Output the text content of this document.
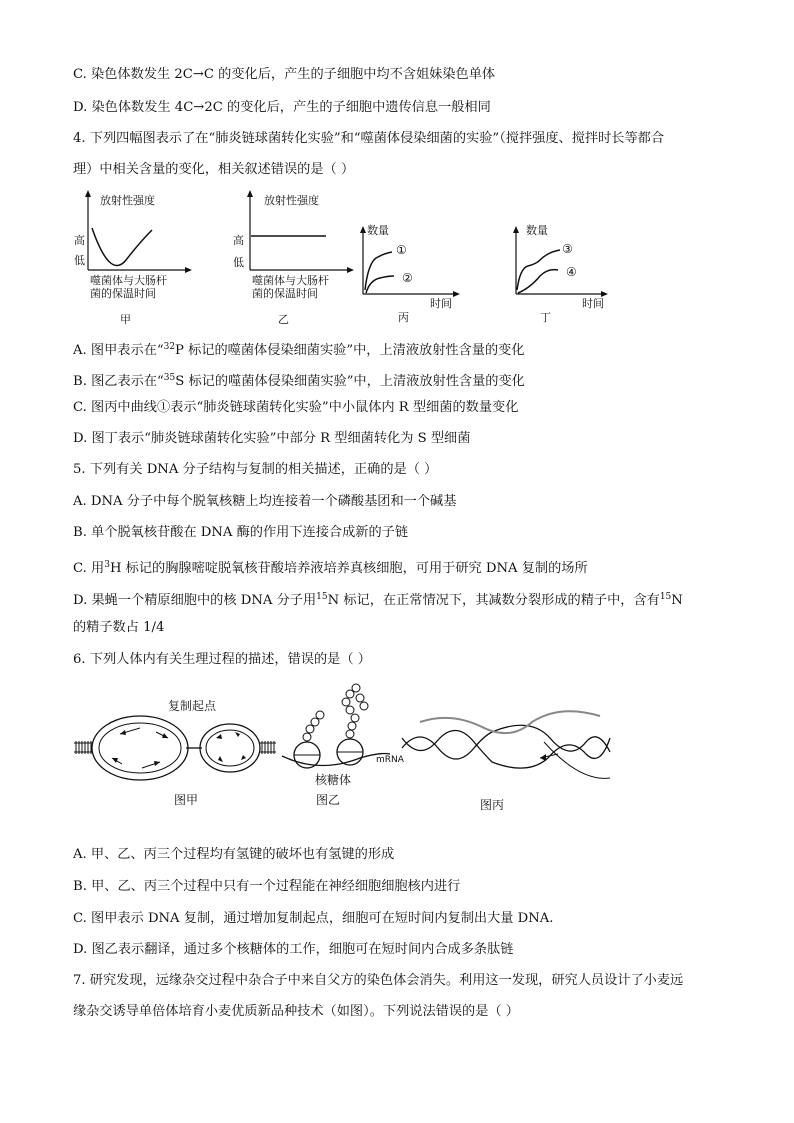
C. 染色体数发生 2C→C 的变化后，产生的子细胞中均不含姐妹染色单体
D. 染色体数发生 4C→2C 的变化后，产生的子细胞中遗传信息一般相同
4. 下列四幅图表示了在“肺炎链球菌转化实验”和“噬菌体侵染细菌的实验”（搅拌强度、搅拌时长等都合
理）中相关含量的变化，相关叙述错误的是（ ）
放射性强度
高
低
噬菌体与大肠杆
菌的保温时间
甲
放射性强度
高
低
噬菌体与大肠杆
菌的保温时间
乙
数量
①
②
时间
丙
数量
③
④
时间
丁
A. 图甲表示在“$^{32}$P 标记的噬菌体侵染细菌实验”中，上清液放射性含量的变化
B. 图乙表示在“$^{35}$S 标记的噬菌体侵染细菌实验”中，上清液放射性含量的变化
C. 图丙中曲线①表示“肺炎链球菌转化实验”中小鼠体内 R 型细菌的数量变化
D. 图丁表示“肺炎链球菌转化实验”中部分 R 型细菌转化为 S 型细菌
5. 下列有关 DNA 分子结构与复制的相关描述，正确的是（ ）
A. DNA 分子中每个脱氧核糖上均连接着一个磷酸基团和一个碱基
B. 单个脱氧核苷酸在 DNA 酶的作用下连接合成新的子链
C. 用$^3$H 标记的胸腺嘧啶脱氧核苷酸培养液培养真核细胞，可用于研究 DNA 复制的场所
D. 果蝇一个精原细胞中的核 DNA 分子用$^{15}$N 标记，在正常情况下，其减数分裂形成的精子中，含有$^{15}$N
的精子数占 1/4
6. 下列人体内有关生理过程的描述，错误的是（ ）
复制起点
图甲
mRNA
核糖体
图乙	图丙
A. 甲、乙、丙三个过程均有氢键的破坏也有氢键的形成
B. 甲、乙、丙三个过程中只有一个过程能在神经细胞细胞核内进行
C. 图甲表示 DNA 复制，通过增加复制起点，细胞可在短时间内复制出大量 DNA.
D. 图乙表示翻译，通过多个核糖体的工作，细胞可在短时间内合成多条肽链
7. 研究发现，远缘杂交过程中杂合子中来自父方的染色体会消失。利用这一发现，研究人员设计了小麦远
缘杂交诱导单倍体培育小麦优质新品种技术（如图）。下列说法错误的是（ ）
